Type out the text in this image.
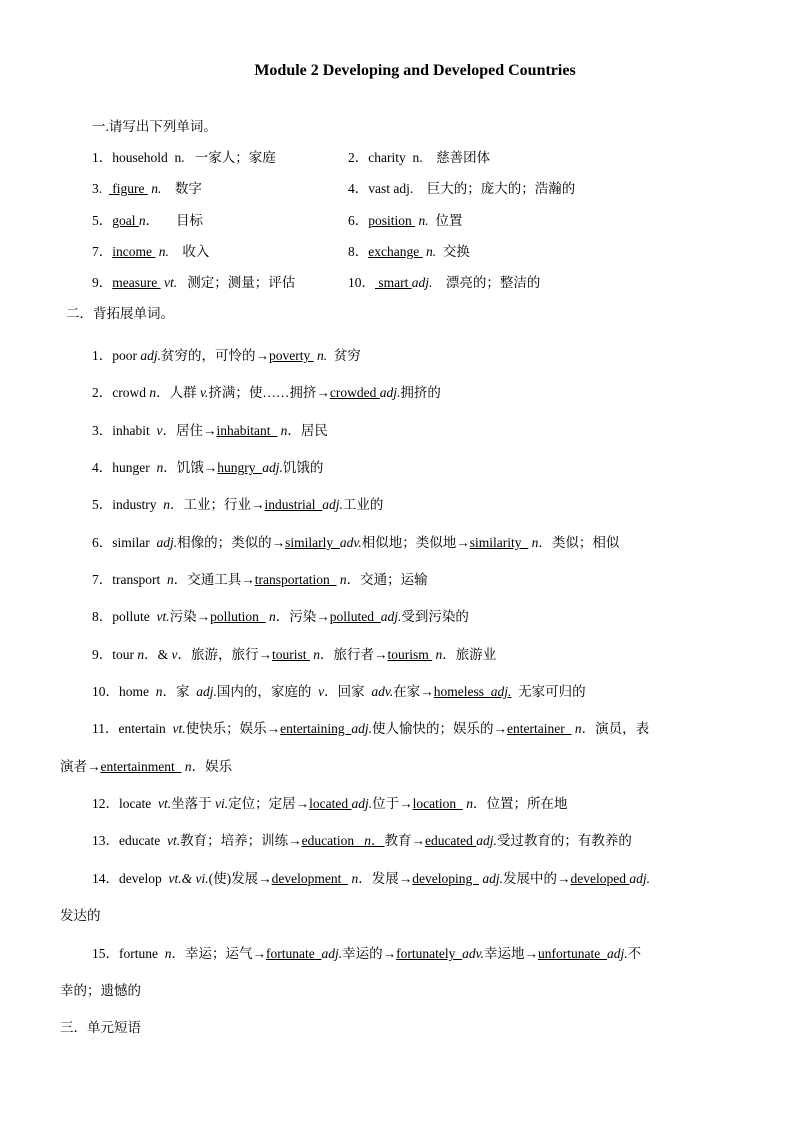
Module 2 Developing and Developed Countries
一.请写出下列单词。
1．household  n.   一家人；家庭	2．charity  n.    慈善团体
3.   figure  n.    数字	4．vast adj.    巨大的；庞大的；浩瀚的
5．goal n．     目标	6．position  n.  位置
7．income  n.    收入	8．exchange  n.  交换
9．measure  vt.   测定；测量；评估	10． smart adj.    漂亮的；整洁的
二．背拓展单词。
1．poor adj.贫穷的，可怜的→poverty  n.  贫穷
2．crowd n．人群 v.挤满；使……拥挤→crowded adj.拥挤的
3．inhabit  v．居住→inhabitant   n．居民
4．hunger  n．饥饿→hungry  adj.饥饿的
5．industry  n．工业；行业→industrial  adj.工业的
6．similar  adj.相像的；类似的→similarly  adv.相似地；类似地→similarity   n．类似；相似
7．transport  n．交通工具→transportation   n．交通；运输
8．pollute  vt.污染→pollution   n．污染→polluted  adj.受到污染的
9．tour n．& v．旅游，旅行→tourist  n．旅行者→tourism  n．旅游业
10．home  n．家  adj.国内的，家庭的  v．回家  adv.在家→homeless  adj.  无家可归的
11．entertain  vt.使快乐；娱乐→entertaining  adj.使人愉快的；娱乐的→entertainer   n．演员，表
演者→entertainment   n．娱乐
12．locate  vt.坐落于 vi.定位；定居→located adj.位于→location   n．位置；所在地
13．educate  vt.教育；培养；训练→education   n．教育→educated adj.受过教育的；有教养的
14．develop  vt.& vi.(使)发展→development   n．发展→developing   adj.发展中的→developed adj.
发达的
15．fortune  n．幸运；运气→fortunate  adj.幸运的→fortunately  adv.幸运地→unfortunate  adj.不
幸的；遗憾的
三．单元短语
